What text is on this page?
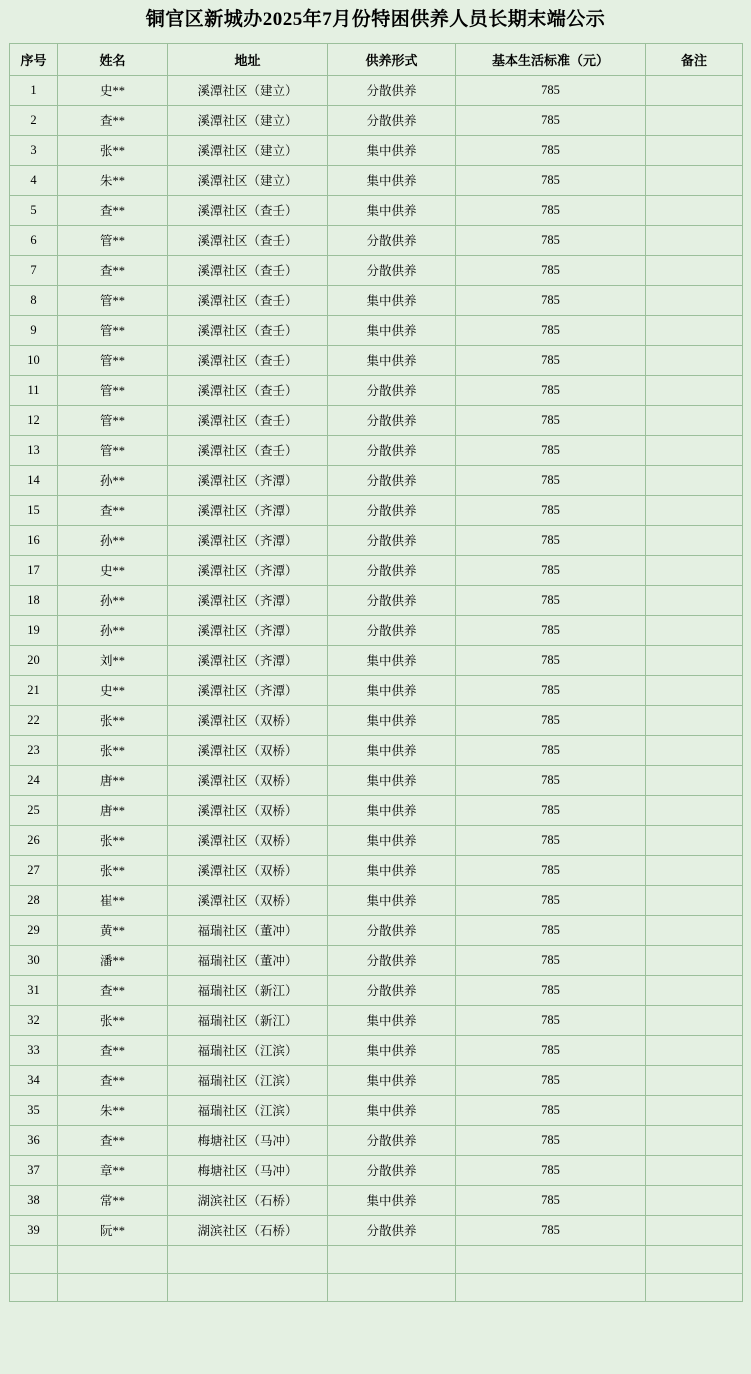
铜官区新城办2025年7月份特困供养人员长期末端公示
序号	姓名	地址	供养形式	基本生活标准（元）	备注
1	史**	溪潭社区（建立）	分散供养	785	
2	查**	溪潭社区（建立）	分散供养	785	
3	张**	溪潭社区（建立）	集中供养	785	
4	朱**	溪潭社区（建立）	集中供养	785	
5	查**	溪潭社区（查壬）	集中供养	785	
6	管**	溪潭社区（查壬）	分散供养	785	
7	查**	溪潭社区（查壬）	分散供养	785	
8	管**	溪潭社区（查壬）	集中供养	785	
9	管**	溪潭社区（查壬）	集中供养	785	
10	管**	溪潭社区（查壬）	集中供养	785	
11	管**	溪潭社区（查壬）	分散供养	785	
12	管**	溪潭社区（查壬）	分散供养	785	
13	管**	溪潭社区（查壬）	分散供养	785	
14	孙**	溪潭社区（齐潭）	分散供养	785	
15	查**	溪潭社区（齐潭）	分散供养	785	
16	孙**	溪潭社区（齐潭）	分散供养	785	
17	史**	溪潭社区（齐潭）	分散供养	785	
18	孙**	溪潭社区（齐潭）	分散供养	785	
19	孙**	溪潭社区（齐潭）	分散供养	785	
20	刘**	溪潭社区（齐潭）	集中供养	785	
21	史**	溪潭社区（齐潭）	集中供养	785	
22	张**	溪潭社区（双桥）	集中供养	785	
23	张**	溪潭社区（双桥）	集中供养	785	
24	唐**	溪潭社区（双桥）	集中供养	785	
25	唐**	溪潭社区（双桥）	集中供养	785	
26	张**	溪潭社区（双桥）	集中供养	785	
27	张**	溪潭社区（双桥）	集中供养	785	
28	崔**	溪潭社区（双桥）	集中供养	785	
29	黄**	福瑞社区（董冲）	分散供养	785	
30	潘**	福瑞社区（董冲）	分散供养	785	
31	查**	福瑞社区（新江）	分散供养	785	
32	张**	福瑞社区（新江）	集中供养	785	
33	查**	福瑞社区（江滨）	集中供养	785	
34	查**	福瑞社区（江滨）	集中供养	785	
35	朱**	福瑞社区（江滨）	集中供养	785	
36	查**	梅塘社区（马冲）	分散供养	785	
37	章**	梅塘社区（马冲）	分散供养	785	
38	常**	湖滨社区（石桥）	集中供养	785	
39	阮**	湖滨社区（石桥）	分散供养	785	
